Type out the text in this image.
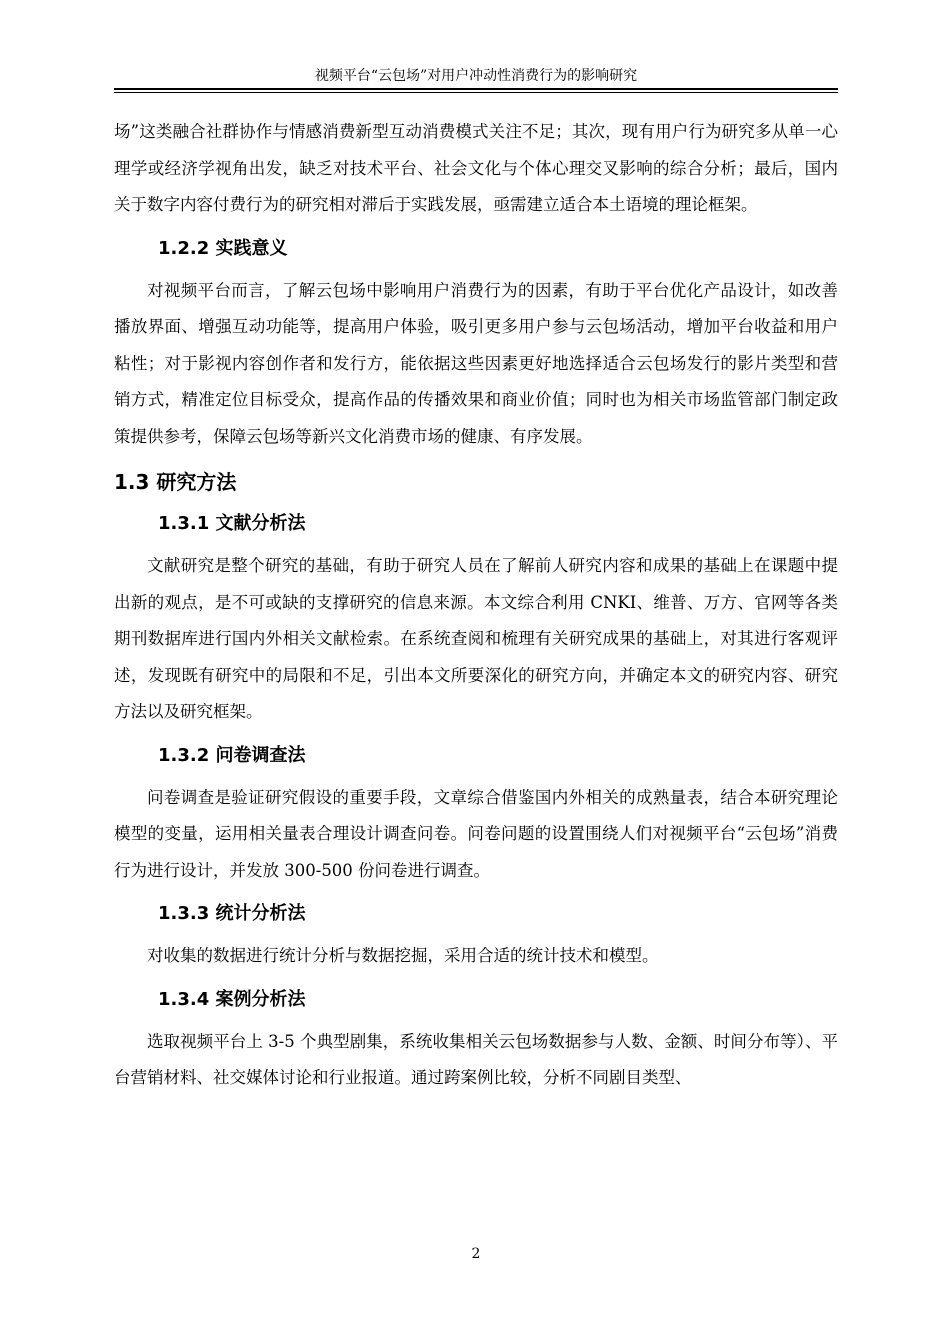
视频平台“云包场”对用户冲动性消费行为的影响研究

场”这类融合社群协作与情感消费新型互动消费模式关注不足；其次，现有用户行为研究多从单一心理学或经济学视角出发，缺乏对技术平台、社会文化与个体心理交叉影响的综合分析；最后，国内关于数字内容付费行为的研究相对滞后于实践发展，亟需建立适合本土语境的理论框架。

1.2.2 实践意义

对视频平台而言，了解云包场中影响用户消费行为的因素，有助于平台优化产品设计，如改善播放界面、增强互动功能等，提高用户体验，吸引更多用户参与云包场活动，增加平台收益和用户粘性；对于影视内容创作者和发行方，能依据这些因素更好地选择适合云包场发行的影片类型和营销方式，精准定位目标受众，提高作品的传播效果和商业价值；同时也为相关市场监管部门制定政策提供参考，保障云包场等新兴文化消费市场的健康、有序发展。

1.3 研究方法
1.3.1 文献分析法

文献研究是整个研究的基础，有助于研究人员在了解前人研究内容和成果的基础上在课题中提出新的观点，是不可或缺的支撑研究的信息来源。本文综合利用 CNKI、维普、万方、官网等各类期刊数据库进行国内外相关文献检索。在系统查阅和梳理有关研究成果的基础上，对其进行客观评述，发现既有研究中的局限和不足，引出本文所要深化的研究方向，并确定本文的研究内容、研究方法以及研究框架。

1.3.2 问卷调查法

问卷调查是验证研究假设的重要手段，文章综合借鉴国内外相关的成熟量表，结合本研究理论模型的变量，运用相关量表合理设计调查问卷。问卷问题的设置围绕人们对视频平台“云包场”消费行为进行设计，并发放 300-500 份问卷进行调查。

1.3.3 统计分析法

对收集的数据进行统计分析与数据挖掘，采用合适的统计技术和模型。

1.3.4 案例分析法

选取视频平台上 3-5 个典型剧集，系统收集相关云包场数据参与人数、金额、时间分布等）、平台营销材料、社交媒体讨论和行业报道。通过跨案例比较，分析不同剧目类型、

2
